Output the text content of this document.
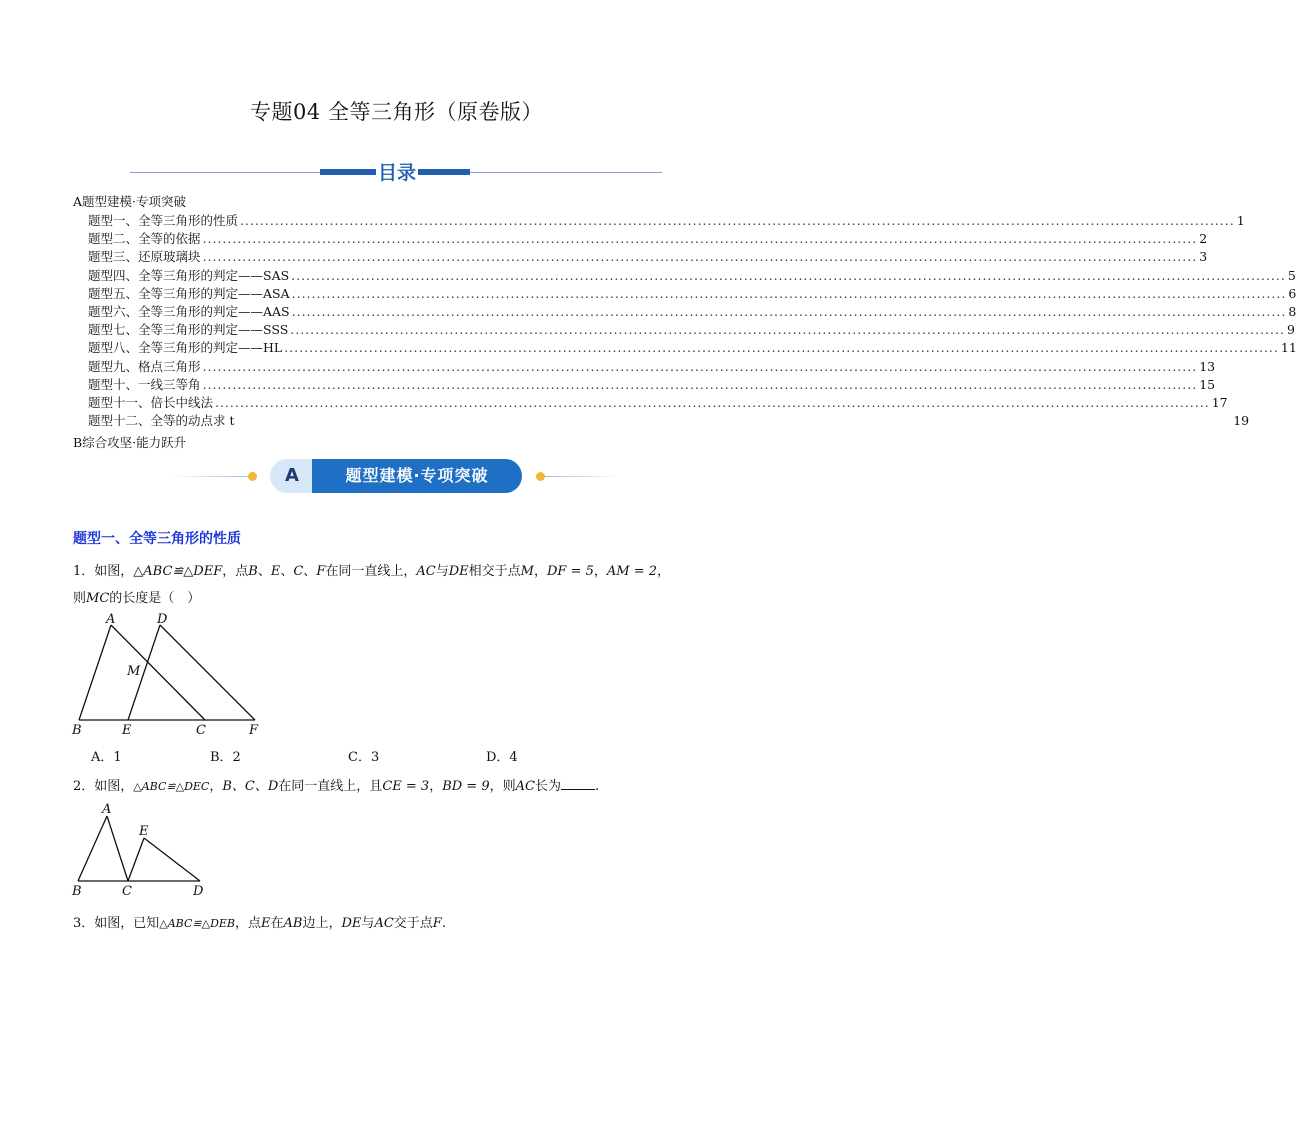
专题04 全等三角形（原卷版）
目录
A题型建模·专项突破
题型一、全等三角形的性质 ........................................................................................................................................................................................................ 1
题型二、全等的依据 ........................................................................................................................................................................................................ 2
题型三、还原玻璃块 ........................................................................................................................................................................................................ 3
题型四、全等三角形的判定——SAS ........................................................................................................................................................................................................ 5
题型五、全等三角形的判定——ASA ........................................................................................................................................................................................................ 6
题型六、全等三角形的判定——AAS ........................................................................................................................................................................................................ 8
题型七、全等三角形的判定——SSS ........................................................................................................................................................................................................ 9
题型八、全等三角形的判定——HL ........................................................................................................................................................................................................ 11
题型九、格点三角形 ........................................................................................................................................................................................................ 13
题型十、一线三等角 ........................................................................................................................................................................................................ 15
题型十一、倍长中线法 ........................................................................................................................................................................................................ 17
题型十二、全等的动点求 t	19
B综合攻坚·能力跃升
A	题型建模·专项突破
题型一、全等三角形的性质
1．如图，△ABC≌△DEF，点B、E、C、F在同一直线上，AC与DE相交于点M，DF = 5，AM = 2，
则MC的长度是（　）
A	D
M
B	E	C	F
A．1	B．2	C．3	D．4
2．如图，△ABC≌△DEC，B、C、D在同一直线上，且CE = 3，BD = 9，则AC长为	.
A
E
B	C	D
3．如图，已知△ABC≌△DEB，点E在AB边上，DE与AC交于点F.
